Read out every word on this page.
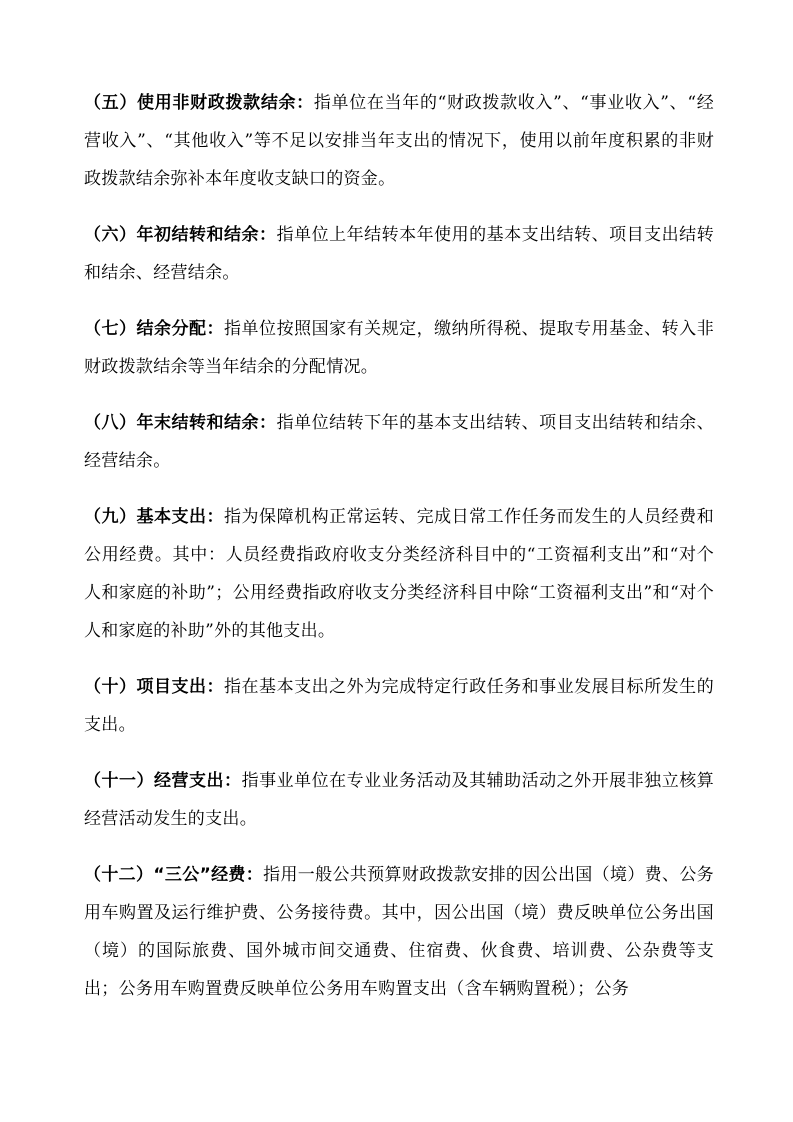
（五）使用非财政拨款结余：指单位在当年的“财政拨款收入”、“事业收入”、“经营收入”、“其他收入”等不足以安排当年支出的情况下，使用以前年度积累的非财政拨款结余弥补本年度收支缺口的资金。

（六）年初结转和结余：指单位上年结转本年使用的基本支出结转、项目支出结转和结余、经营结余。

（七）结余分配：指单位按照国家有关规定，缴纳所得税、提取专用基金、转入非财政拨款结余等当年结余的分配情况。

（八）年末结转和结余：指单位结转下年的基本支出结转、项目支出结转和结余、经营结余。

（九）基本支出：指为保障机构正常运转、完成日常工作任务而发生的人员经费和公用经费。其中：人员经费指政府收支分类经济科目中的“工资福利支出”和“对个人和家庭的补助”；公用经费指政府收支分类经济科目中除“工资福利支出”和“对个人和家庭的补助”外的其他支出。

（十）项目支出：指在基本支出之外为完成特定行政任务和事业发展目标所发生的支出。

（十一）经营支出：指事业单位在专业业务活动及其辅助活动之外开展非独立核算经营活动发生的支出。

（十二）“三公”经费：指用一般公共预算财政拨款安排的因公出国（境）费、公务用车购置及运行维护费、公务接待费。其中，因公出国（境）费反映单位公务出国（境）的国际旅费、国外城市间交通费、住宿费、伙食费、培训费、公杂费等支出；公务用车购置费反映单位公务用车购置支出（含车辆购置税）；公务
